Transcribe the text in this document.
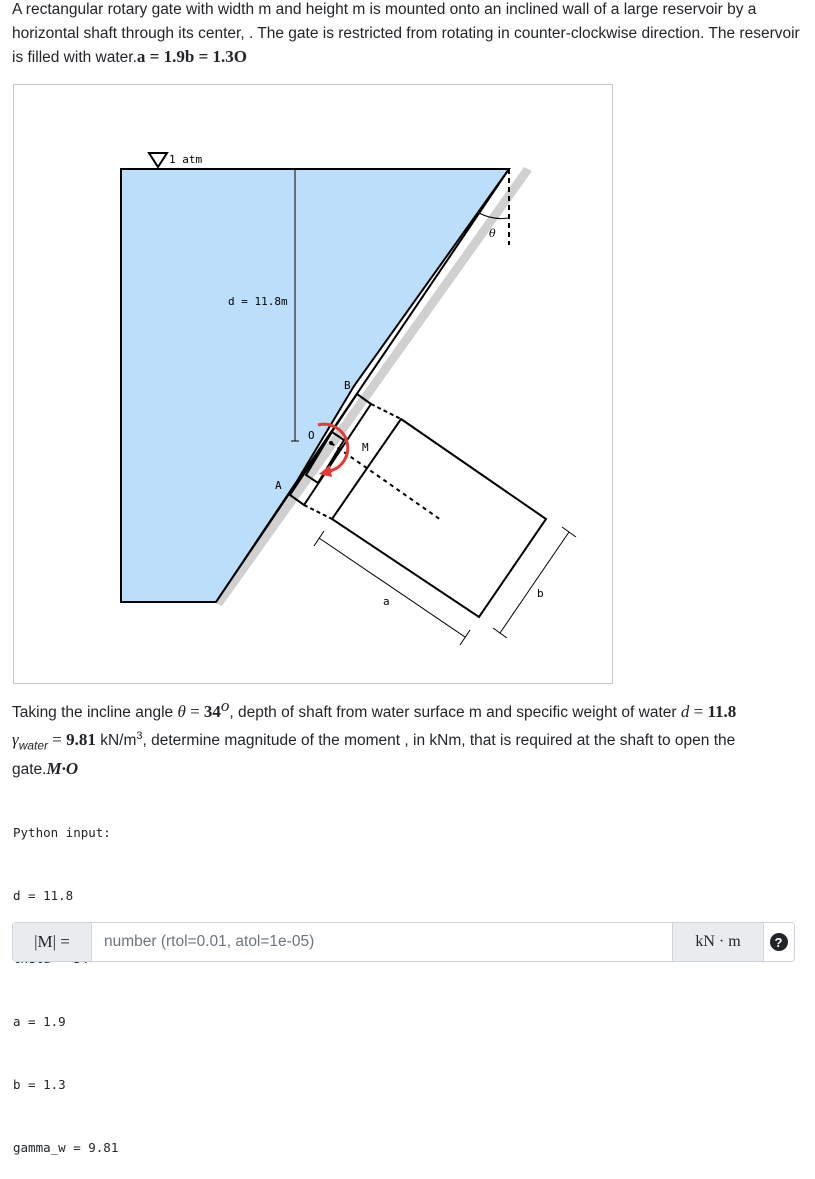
A rectangular rotary gate with width m and height m is mounted onto an inclined wall of a large reservoir by a horizontal shaft through its center, . The gate is restricted from rotating in counter-clockwise direction. The reservoir is filled with water.a = 1.9b = 1.3O
θ
1 atm
d = 11.8m
B
O
M
A
a
b
Taking the incline angle $\theta = 34^o$, depth of shaft from water surface m and specific weight of water d = 11.8
$\gamma_{water} = 9.81$ $kN/m^3$, determine magnitude of the moment , in kNm, that is required at the shaft to open the gate.M·O

Python input:

d = 11.8

a = 1.9

b = 1.3

gamma_w = 9.81

|M| =
number (rtol=0.01, atol=1e-05)	kN · m	?
